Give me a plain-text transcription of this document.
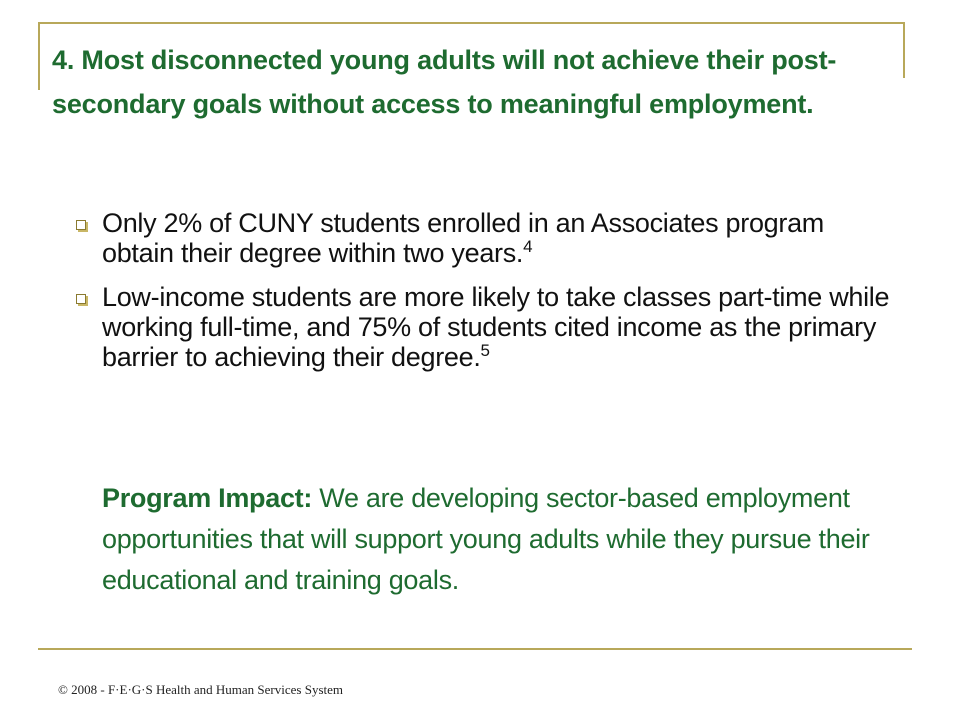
4. Most disconnected young adults will not achieve their post-secondary goals without access to meaningful employment.
Only 2% of CUNY students enrolled in an Associates program obtain their degree within two years.$^4$
Low-income students are more likely to take classes part-time while working full-time, and 75% of students cited income as the primary barrier to achieving their degree.$^5$

Program Impact: We are developing sector-based employment opportunities that will support young adults while they pursue their educational and training goals.

© 2008 - F·E·G·S Health and Human Services System
